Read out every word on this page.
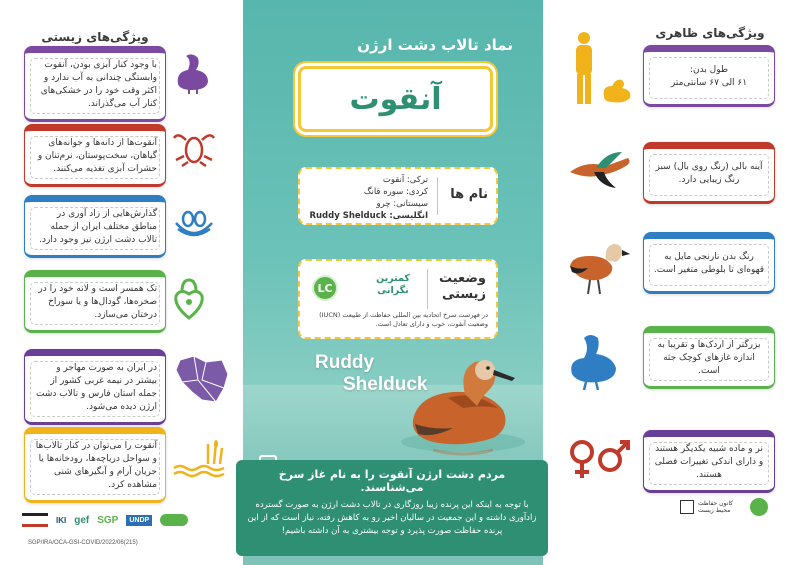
ویژگی‌های زیستی	ویژگی‌های ظاهری
نماد تالاب دشت ارژن
آنقوت
نام ها
ترکی: آنقوت
کردی: سوره قانگ
سیستانی: چرو
انگلیسی: Ruddy Shelduck
وضعیت زیستی
کمترین نگرانی
LC
در فهرست سرخ اتحادیه بین المللی حفاظت از طبیعت (IUCN) وضعیت آنقوت، خوب و دارای تعادل است.
Ruddy
Shelduck
مردم دشت ارژن آنقوت را به نام غاز سرخ می‌شناسند.
با توجه به اینکه این پرنده زیبا روزگاری در تالاب دشت ارژن به صورت گسترده زادآوری داشته و این جمعیت در سالیان اخیر رو به کاهش رفته، نیاز است که از این پرنده حفاظت صورت پذیرد و توجه بیشتری به آن داشته باشیم!
IKI gef SGP	UNDP
SGP/IRA/OCA-GSI-COVID/2022/06(215)
کانون حفاظت محیط زیست
با وجود کنار آبزی بودن، آنقوت وابستگی چندانی به آب ندارد و اکثر وقت خود را در خشکی‌های کنار آب می‌گذراند.
آنقوت‌ها از دانه‌ها و جوانه‌های گیاهان، سخت‌پوستان، نرم‌تنان و حشرات آبزی تغذیه می‌کنند.
گذارش‌هایی از زاد آوری در مناطق مختلف ایران از جمله تالاب دشت ارژن نیز وجود دارد.
تک همسر است و لانه خود را در صخره‌ها، گودال‌ها و یا سوراخ درختان می‌سازد.
در ایران به صورت مهاجر و بیشتر در نیمه غربی کشور از جمله استان فارس و تالاب دشت ارژن دیده می‌شود.
آنقوت را می‌توان در کنار تالاب‌ها و سواحل دریاچه‌ها، رودخانه‌ها یا جریان آرام و آبگیرهای شنی مشاهده کرد.
طول بدن:
۶۱ الی ۶۷ سانتی‌متر
آینه بالی (رنگ روی بال) سبز رنگ زیبایی دارد.
رنگ بدن نارنجی مایل به قهوه‌ای تا بلوطی متغیر است.
بزرگتر از اردک‌ها و تقریبا به اندازه غازهای کوچک جثه است.
نر و ماده شبیه یکدیگر هستند و دارای اندکی تغییرات فصلی هستند.
